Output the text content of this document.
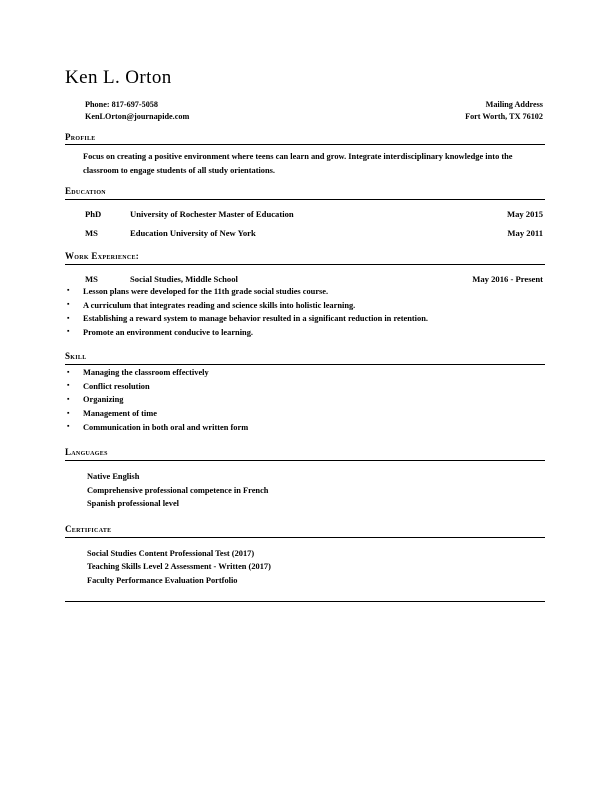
Ken L. Orton
Phone: 817-697-5058
KenLOrton@journapide.com
Mailing Address
Fort Worth, TX 76102
Profile
Focus on creating a positive environment where teens can learn and grow. Integrate interdisciplinary knowledge into the classroom to engage students of all study orientations.
Education
PhD	University of Rochester Master of Education	May 2015
MS	Education University of New York	May 2011
Work Experience:
MS	Social Studies, Middle School	May 2016 - Present
▪ Lesson plans were developed for the 11th grade social studies course.
▪ A curriculum that integrates reading and science skills into holistic learning.
▪ Establishing a reward system to manage behavior resulted in a significant reduction in retention.
▪ Promote an environment conducive to learning.
Skill
▪ Managing the classroom effectively
▪ Conflict resolution
▪ Organizing
▪ Management of time
▪ Communication in both oral and written form
Languages
Native English
Comprehensive professional competence in French
Spanish professional level
Certificate
Social Studies Content Professional Test (2017)
Teaching Skills Level 2 Assessment - Written (2017)
Faculty Performance Evaluation Portfolio
